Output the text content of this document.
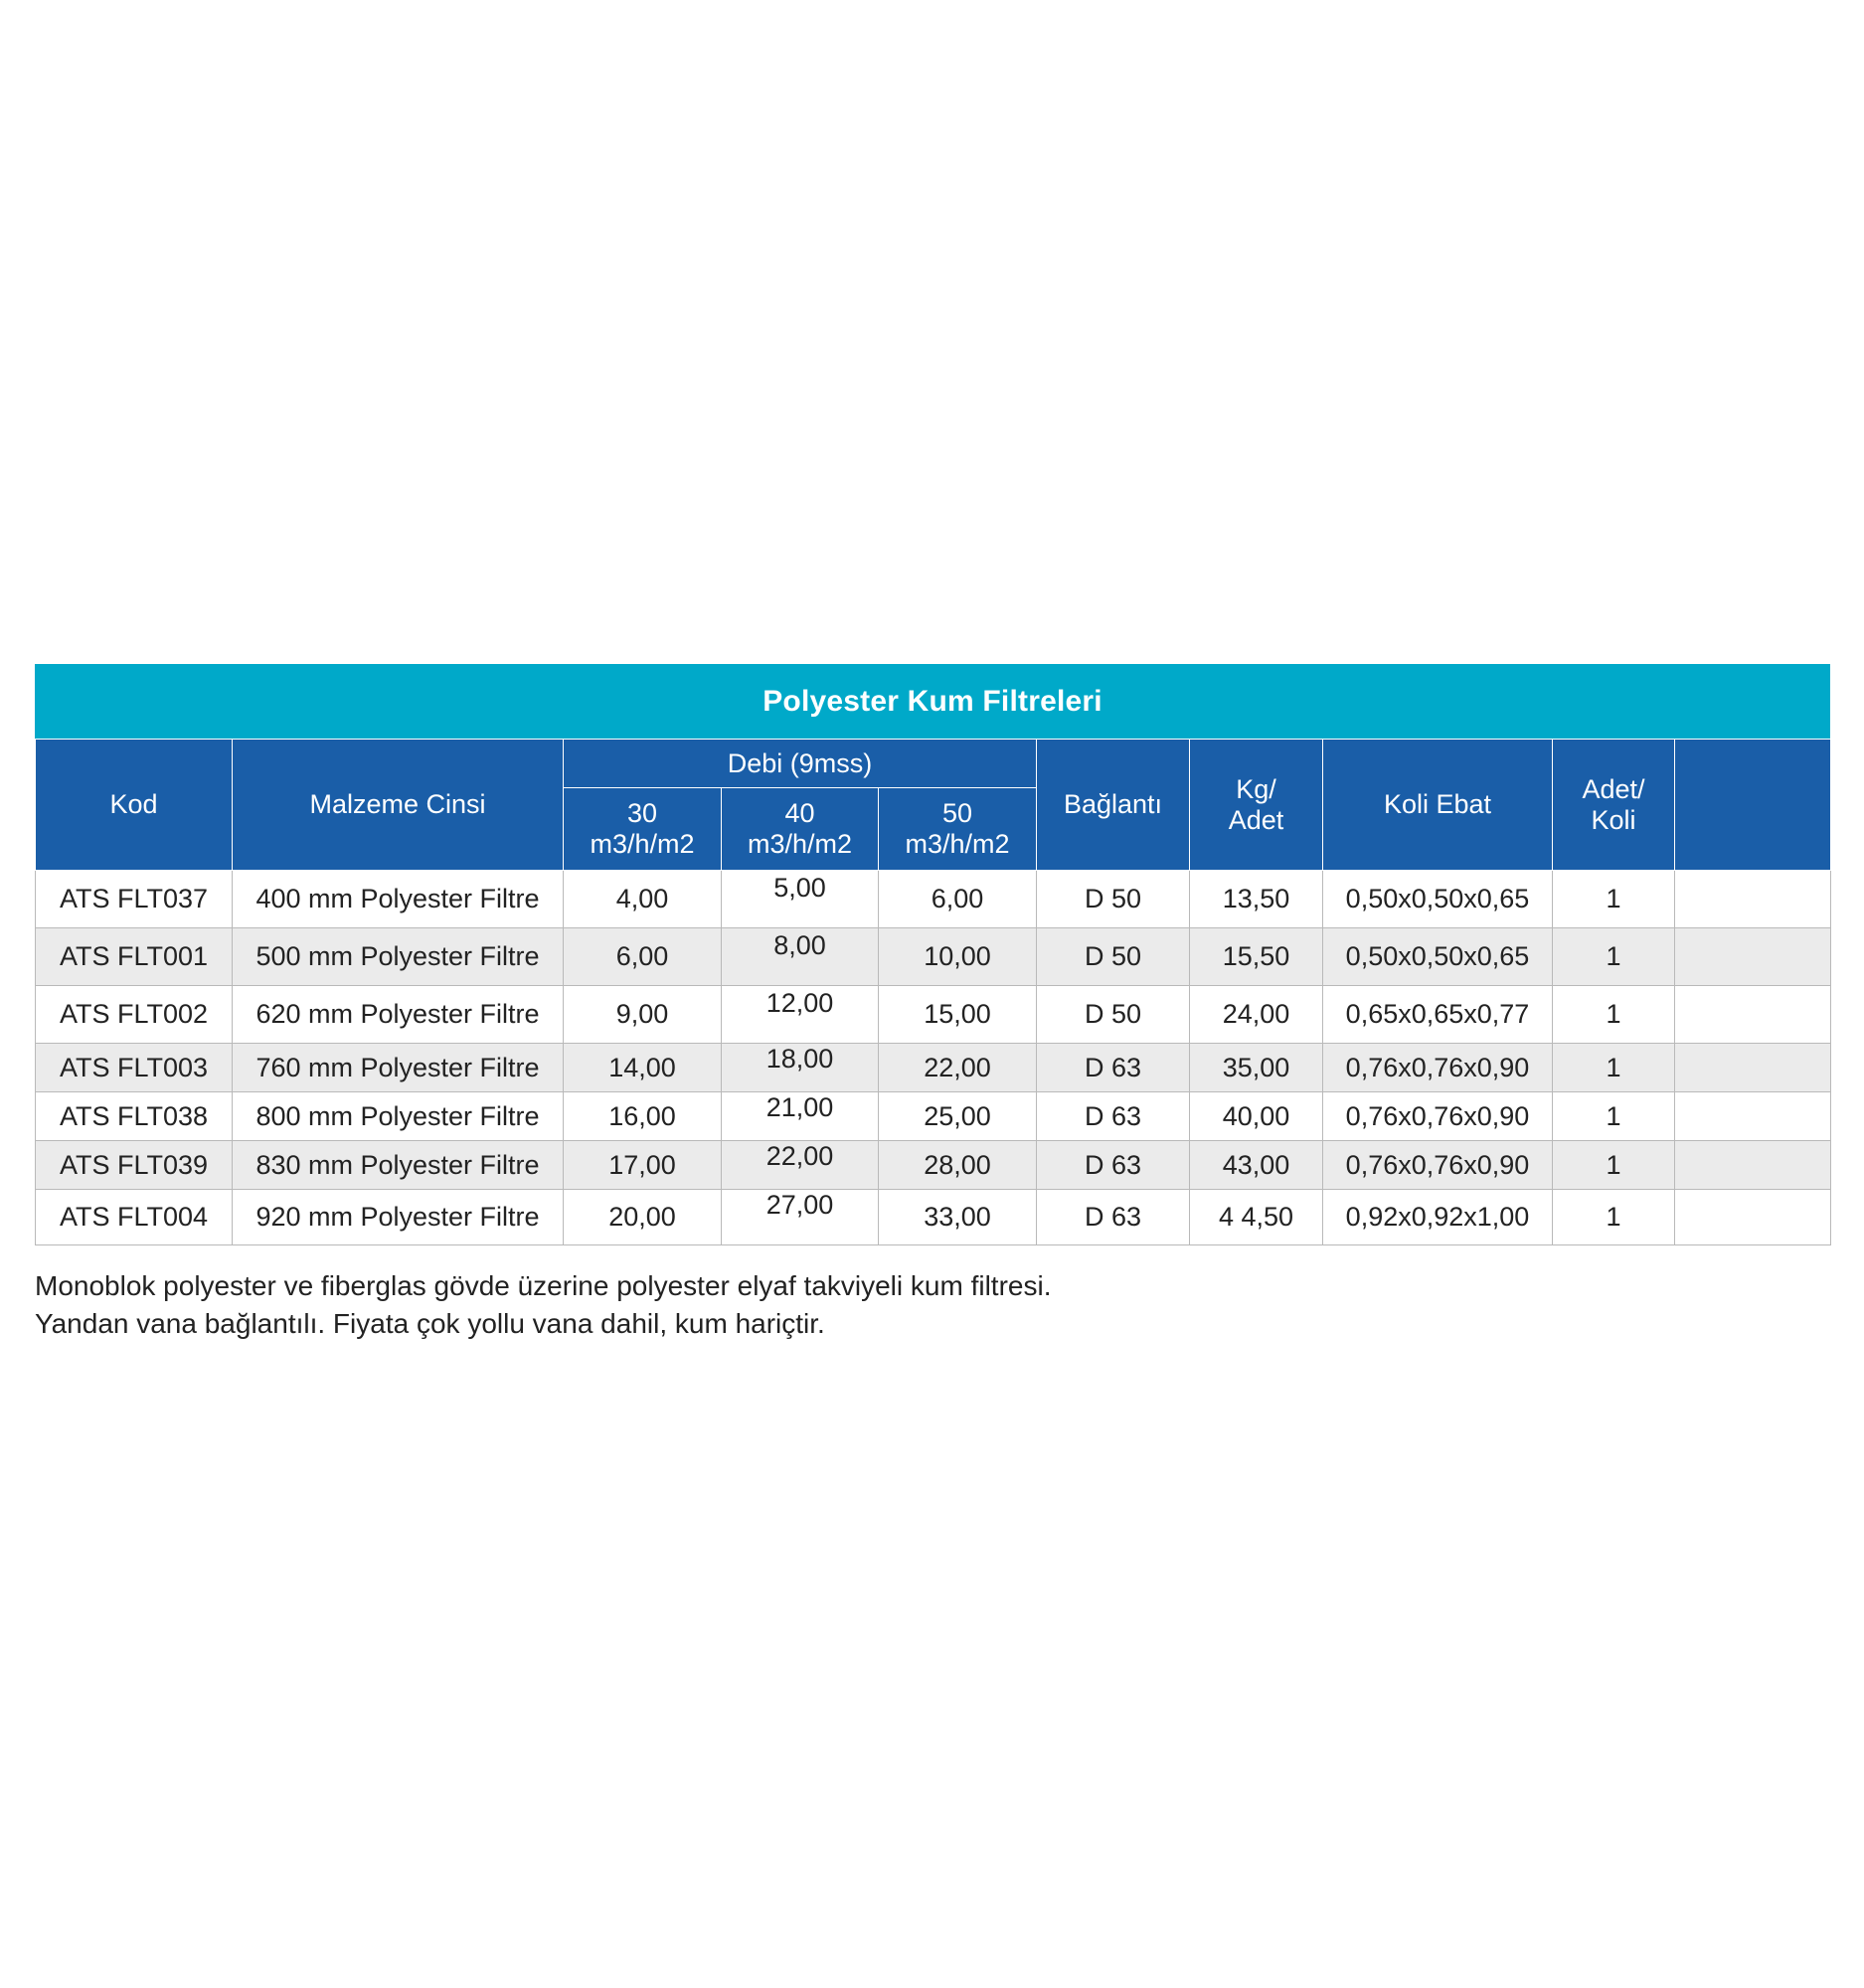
Polyester Kum Filtreleri
Kod	Malzeme Cinsi	Debi (9mss)			Bağlantı	Kg/ Adet	Koli Ebat	Adet/ Koli	
		30 m3/h/m2	40 m3/h/m2	50 m3/h/m2					
ATS FLT037	400 mm Polyester Filtre	4,00	5,00	6,00	D 50	13,50	0,50x0,50x0,65	1	
ATS FLT001	500 mm Polyester Filtre	6,00	8,00	10,00	D 50	15,50	0,50x0,50x0,65	1	
ATS FLT002	620 mm Polyester Filtre	9,00	12,00	15,00	D 50	24,00	0,65x0,65x0,77	1	
ATS FLT003	760 mm Polyester Filtre	14,00	18,00	22,00	D 63	35,00	0,76x0,76x0,90	1	
ATS FLT038	800 mm Polyester Filtre	16,00	21,00	25,00	D 63	40,00	0,76x0,76x0,90	1	
ATS FLT039	830 mm Polyester Filtre	17,00	22,00	28,00	D 63	43,00	0,76x0,76x0,90	1	
ATS FLT004	920 mm Polyester Filtre	20,00	27,00	33,00	D 63	4 4,50	0,92x0,92x1,00	1	
Monoblok polyester ve fiberglas gövde üzerine polyester elyaf takviyeli kum filtresi.
Yandan vana bağlantılı. Fiyata çok yollu vana dahil, kum hariçtir.
